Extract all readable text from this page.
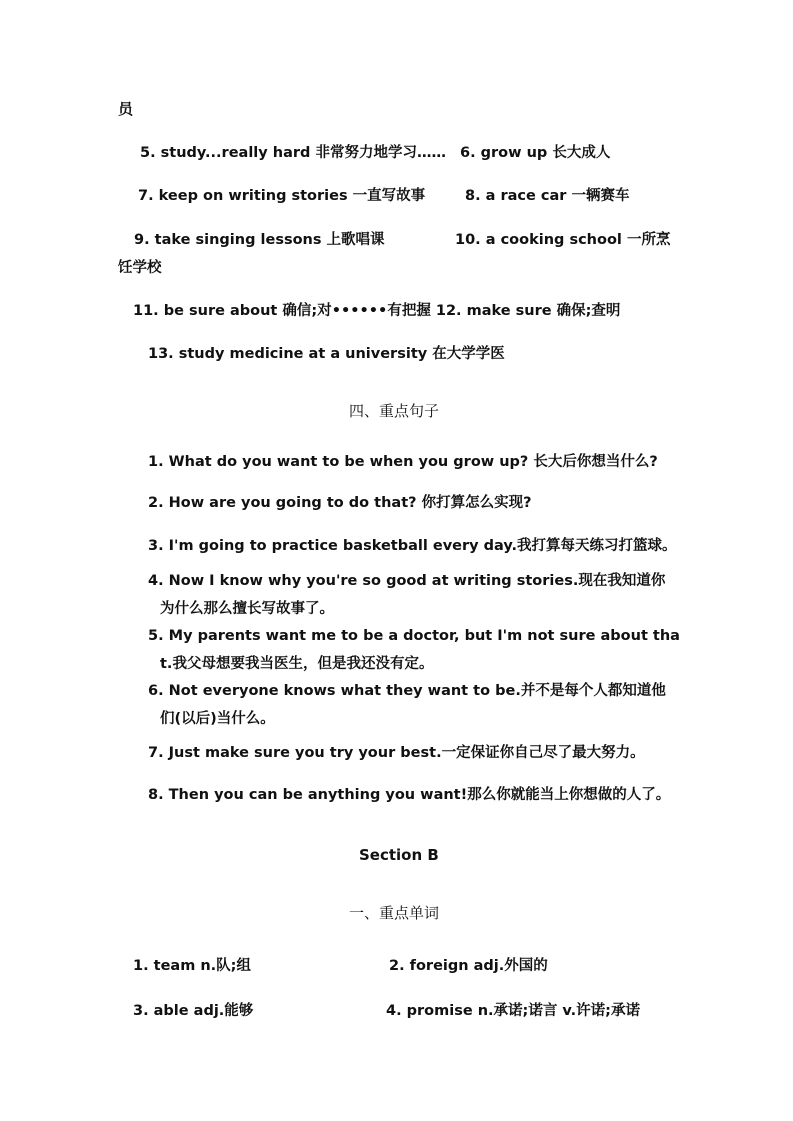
员
5. study...really hard 非常努力地学习…… 6. grow up 长大成人
7. keep on writing stories 一直写故事	8. a race car 一辆赛车
9. take singing lessons 上歌唱课	10. a cooking school 一所烹
饪学校
11. be sure about 确信;对••••••有把握 12. make sure 确保;查明
13. study medicine at a university 在大学学医
四、重点句子
1. What do you want to be when you grow up? 长大后你想当什么?
2. How are you going to do that? 你打算怎么实现?
3. I'm going to practice basketball every day.我打算每天练习打篮球。
4. Now I know why you're so good at writing stories.现在我知道你
为什么那么擅长写故事了。
5. My parents want me to be a doctor, but I'm not sure about tha
t.我父母想要我当医生，但是我还没有定。
6. Not everyone knows what they want to be.并不是每个人都知道他
们(以后)当什么。
7. Just make sure you try your best.一定保证你自己尽了最大努力。
8. Then you can be anything you want!那么你就能当上你想做的人了。
Section B
一、重点单词
1. team n.队;组	2. foreign adj.外国的
3. able adj.能够	4. promise n.承诺;诺言 v.许诺;承诺
